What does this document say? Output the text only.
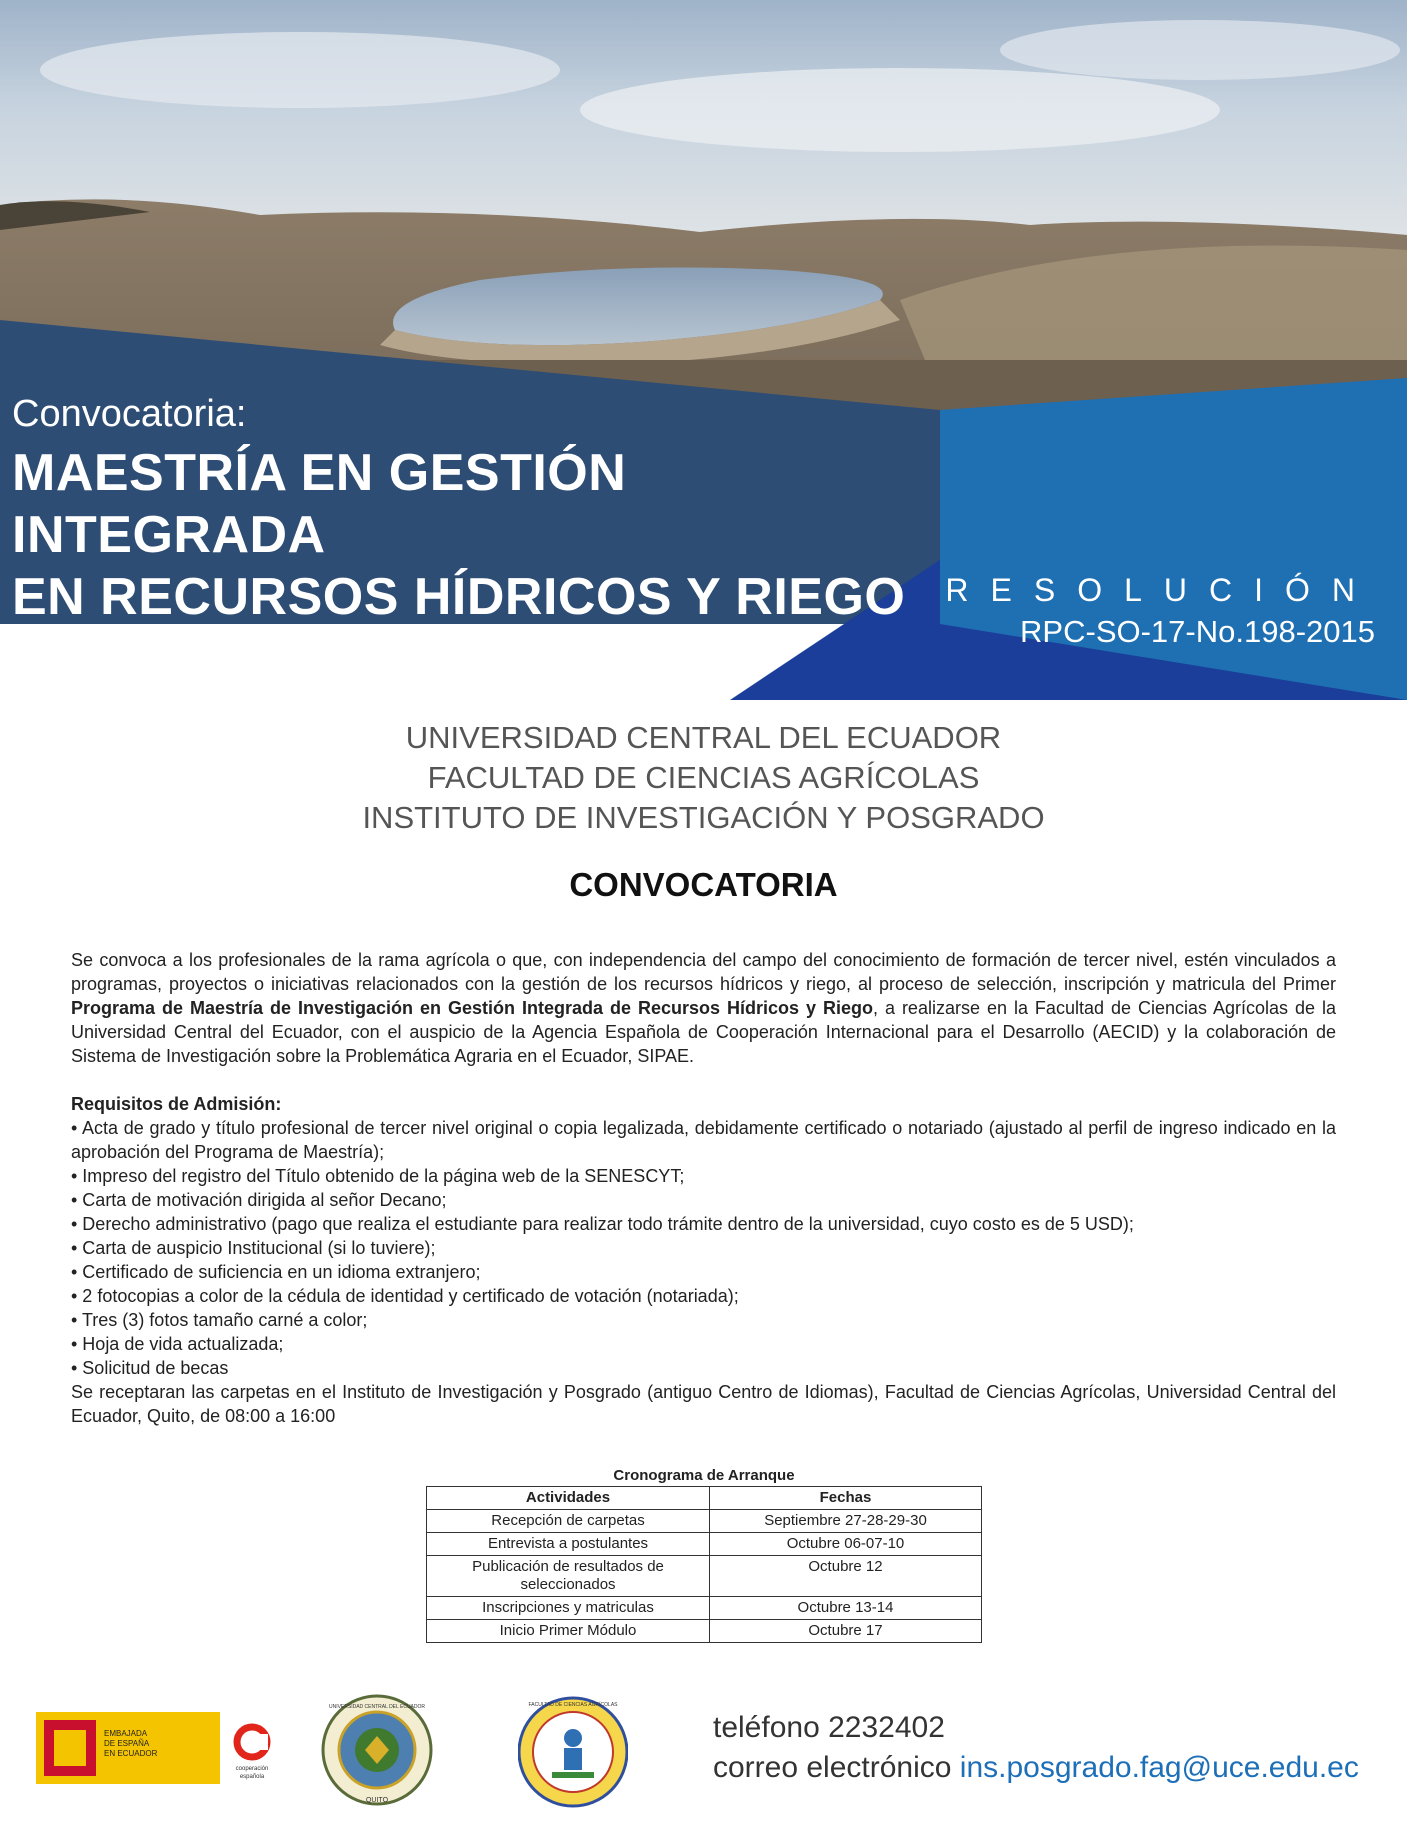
Convocatoria:
MAESTRÍA EN GESTIÓN INTEGRADA
EN RECURSOS HÍDRICOS Y RIEGO	RESOLUCIÓN
RPC-SO-17-No.198-2015
UNIVERSIDAD CENTRAL DEL ECUADOR
FACULTAD DE CIENCIAS AGRÍCOLAS
INSTITUTO DE INVESTIGACIÓN Y POSGRADO
CONVOCATORIA

Se convoca a los profesionales de la rama agrícola o que, con independencia del campo del conocimiento de formación de tercer nivel, estén vinculados a programas, proyectos o iniciativas relacionados con la gestión de los recursos hídricos y riego, al proceso de selección, inscripción y matricula del Primer Programa de Maestría de Investigación en Gestión Integrada de Recursos Hídricos y Riego, a realizarse en la Facultad de Ciencias Agrícolas de la Universidad Central del Ecuador, con el auspicio de la Agencia Española de Cooperación Internacional para el Desarrollo (AECID) y la colaboración de Sistema de Investigación sobre la Problemática Agraria en el Ecuador, SIPAE.

Requisitos de Admisión:
• Acta de grado y título profesional de tercer nivel original o copia legalizada, debidamente certificado o notariado (ajustado al perfil de ingreso indicado en la aprobación del Programa de Maestría);
• Impreso del registro del Título obtenido de la página web de la SENESCYT;
• Carta de motivación dirigida al señor Decano;
• Derecho administrativo (pago que realiza el estudiante para realizar todo trámite dentro de la universidad, cuyo costo es de 5 USD);
• Carta de auspicio Institucional (si lo tuviere);
• Certificado de suficiencia en un idioma extranjero;
• 2 fotocopias a color de la cédula de identidad y certificado de votación (notariada);
• Tres (3) fotos tamaño carné a color;
• Hoja de vida actualizada;
• Solicitud de becas

Se receptaran las carpetas en el Instituto de Investigación y Posgrado (antiguo Centro de Idiomas), Facultad de Ciencias Agrícolas, Universidad Central del Ecuador, Quito, de 08:00 a 16:00

Cronograma de Arranque
Actividades	Fechas
Recepción de carpetas	Septiembre 27-28-29-30
Entrevista a postulantes	Octubre 06-07-10
Publicación de resultados de seleccionados	Octubre 12
Inscripciones y matriculas	Octubre 13-14
Inicio Primer Módulo	Octubre 17
EMBAJADA
DE ESPAÑA
EN ECUADOR
cooperación
española
UNIVERSIDAD CENTRAL DEL ECUADOR
QUITO
FACULTAD DE CIENCIAS AGRÍCOLAS
teléfono 2232402
correo electrónico ins.posgrado.fag@uce.edu.ec
